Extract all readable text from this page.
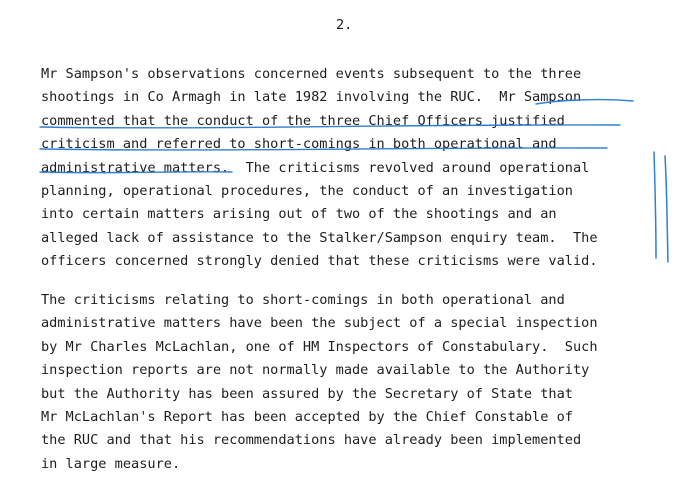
2.
Mr Sampson's observations concerned events subsequent to the three
shootings in Co Armagh in late 1982 involving the RUC.  Mr Sampson
commented that the conduct of the three Chief Officers justified
criticism and referred to short-comings in both operational and
administrative matters.  The criticisms revolved around operational
planning, operational procedures, the conduct of an investigation
into certain matters arising out of two of the shootings and an
alleged lack of assistance to the Stalker/Sampson enquiry team.  The
officers concerned strongly denied that these criticisms were valid.
The criticisms relating to short-comings in both operational and
administrative matters have been the subject of a special inspection
by Mr Charles McLachlan, one of HM Inspectors of Constabulary.  Such
inspection reports are not normally made available to the Authority
but the Authority has been assured by the Secretary of State that
Mr McLachlan's Report has been accepted by the Chief Constable of
the RUC and that his recommendations have already been implemented
in large measure.
